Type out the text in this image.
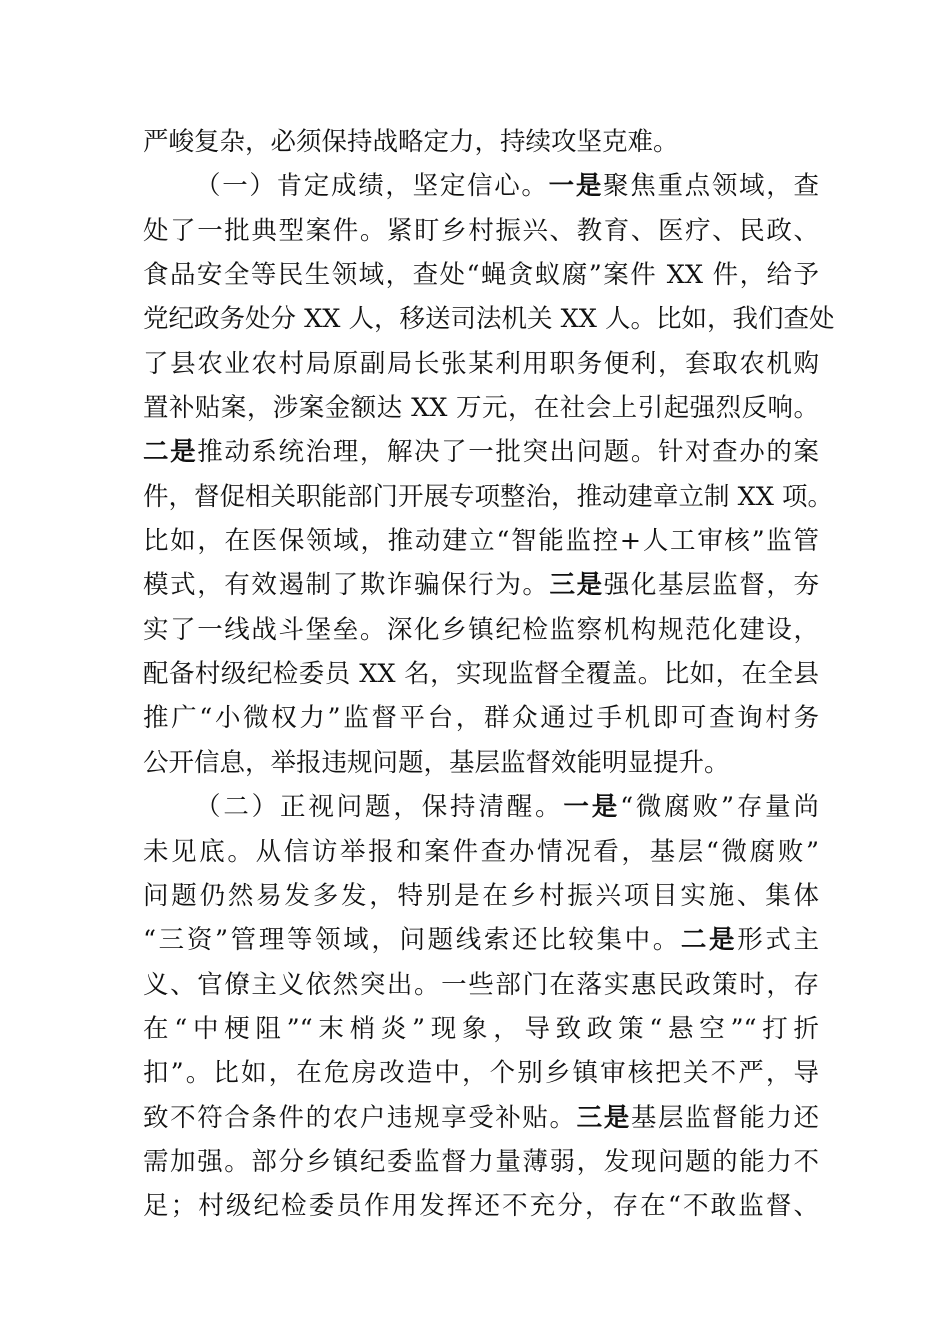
严峻复杂，必须保持战略定力，持续攻坚克难。
（一）肯定成绩，坚定信心。一是聚焦重点领域，查
处了一批典型案件。紧盯乡村振兴、教育、医疗、民政、
食品安全等民生领域，查处“蝇贪蚁腐”案件 XX 件，给予
党纪政务处分 XX 人，移送司法机关 XX 人。比如，我们查处
了县农业农村局原副局长张某利用职务便利，套取农机购
置补贴案，涉案金额达 XX 万元，在社会上引起强烈反响。
二是推动系统治理，解决了一批突出问题。针对查办的案
件，督促相关职能部门开展专项整治，推动建章立制 XX 项。
比如，在医保领域，推动建立“智能监控+人工审核”监管
模式，有效遏制了欺诈骗保行为。三是强化基层监督，夯
实了一线战斗堡垒。深化乡镇纪检监察机构规范化建设，
配备村级纪检委员 XX 名，实现监督全覆盖。比如，在全县
推广“小微权力”监督平台，群众通过手机即可查询村务
公开信息，举报违规问题，基层监督效能明显提升。
（二）正视问题，保持清醒。一是“微腐败”存量尚
未见底。从信访举报和案件查办情况看，基层“微腐败”
问题仍然易发多发，特别是在乡村振兴项目实施、集体
“三资”管理等领域，问题线索还比较集中。二是形式主
义、官僚主义依然突出。一些部门在落实惠民政策时，存
在“中梗阻”“末梢炎”现象，导致政策“悬空”“打折
扣”。比如，在危房改造中，个别乡镇审核把关不严，导
致不符合条件的农户违规享受补贴。三是基层监督能力还
需加强。部分乡镇纪委监督力量薄弱，发现问题的能力不
足；村级纪检委员作用发挥还不充分，存在“不敢监督、
